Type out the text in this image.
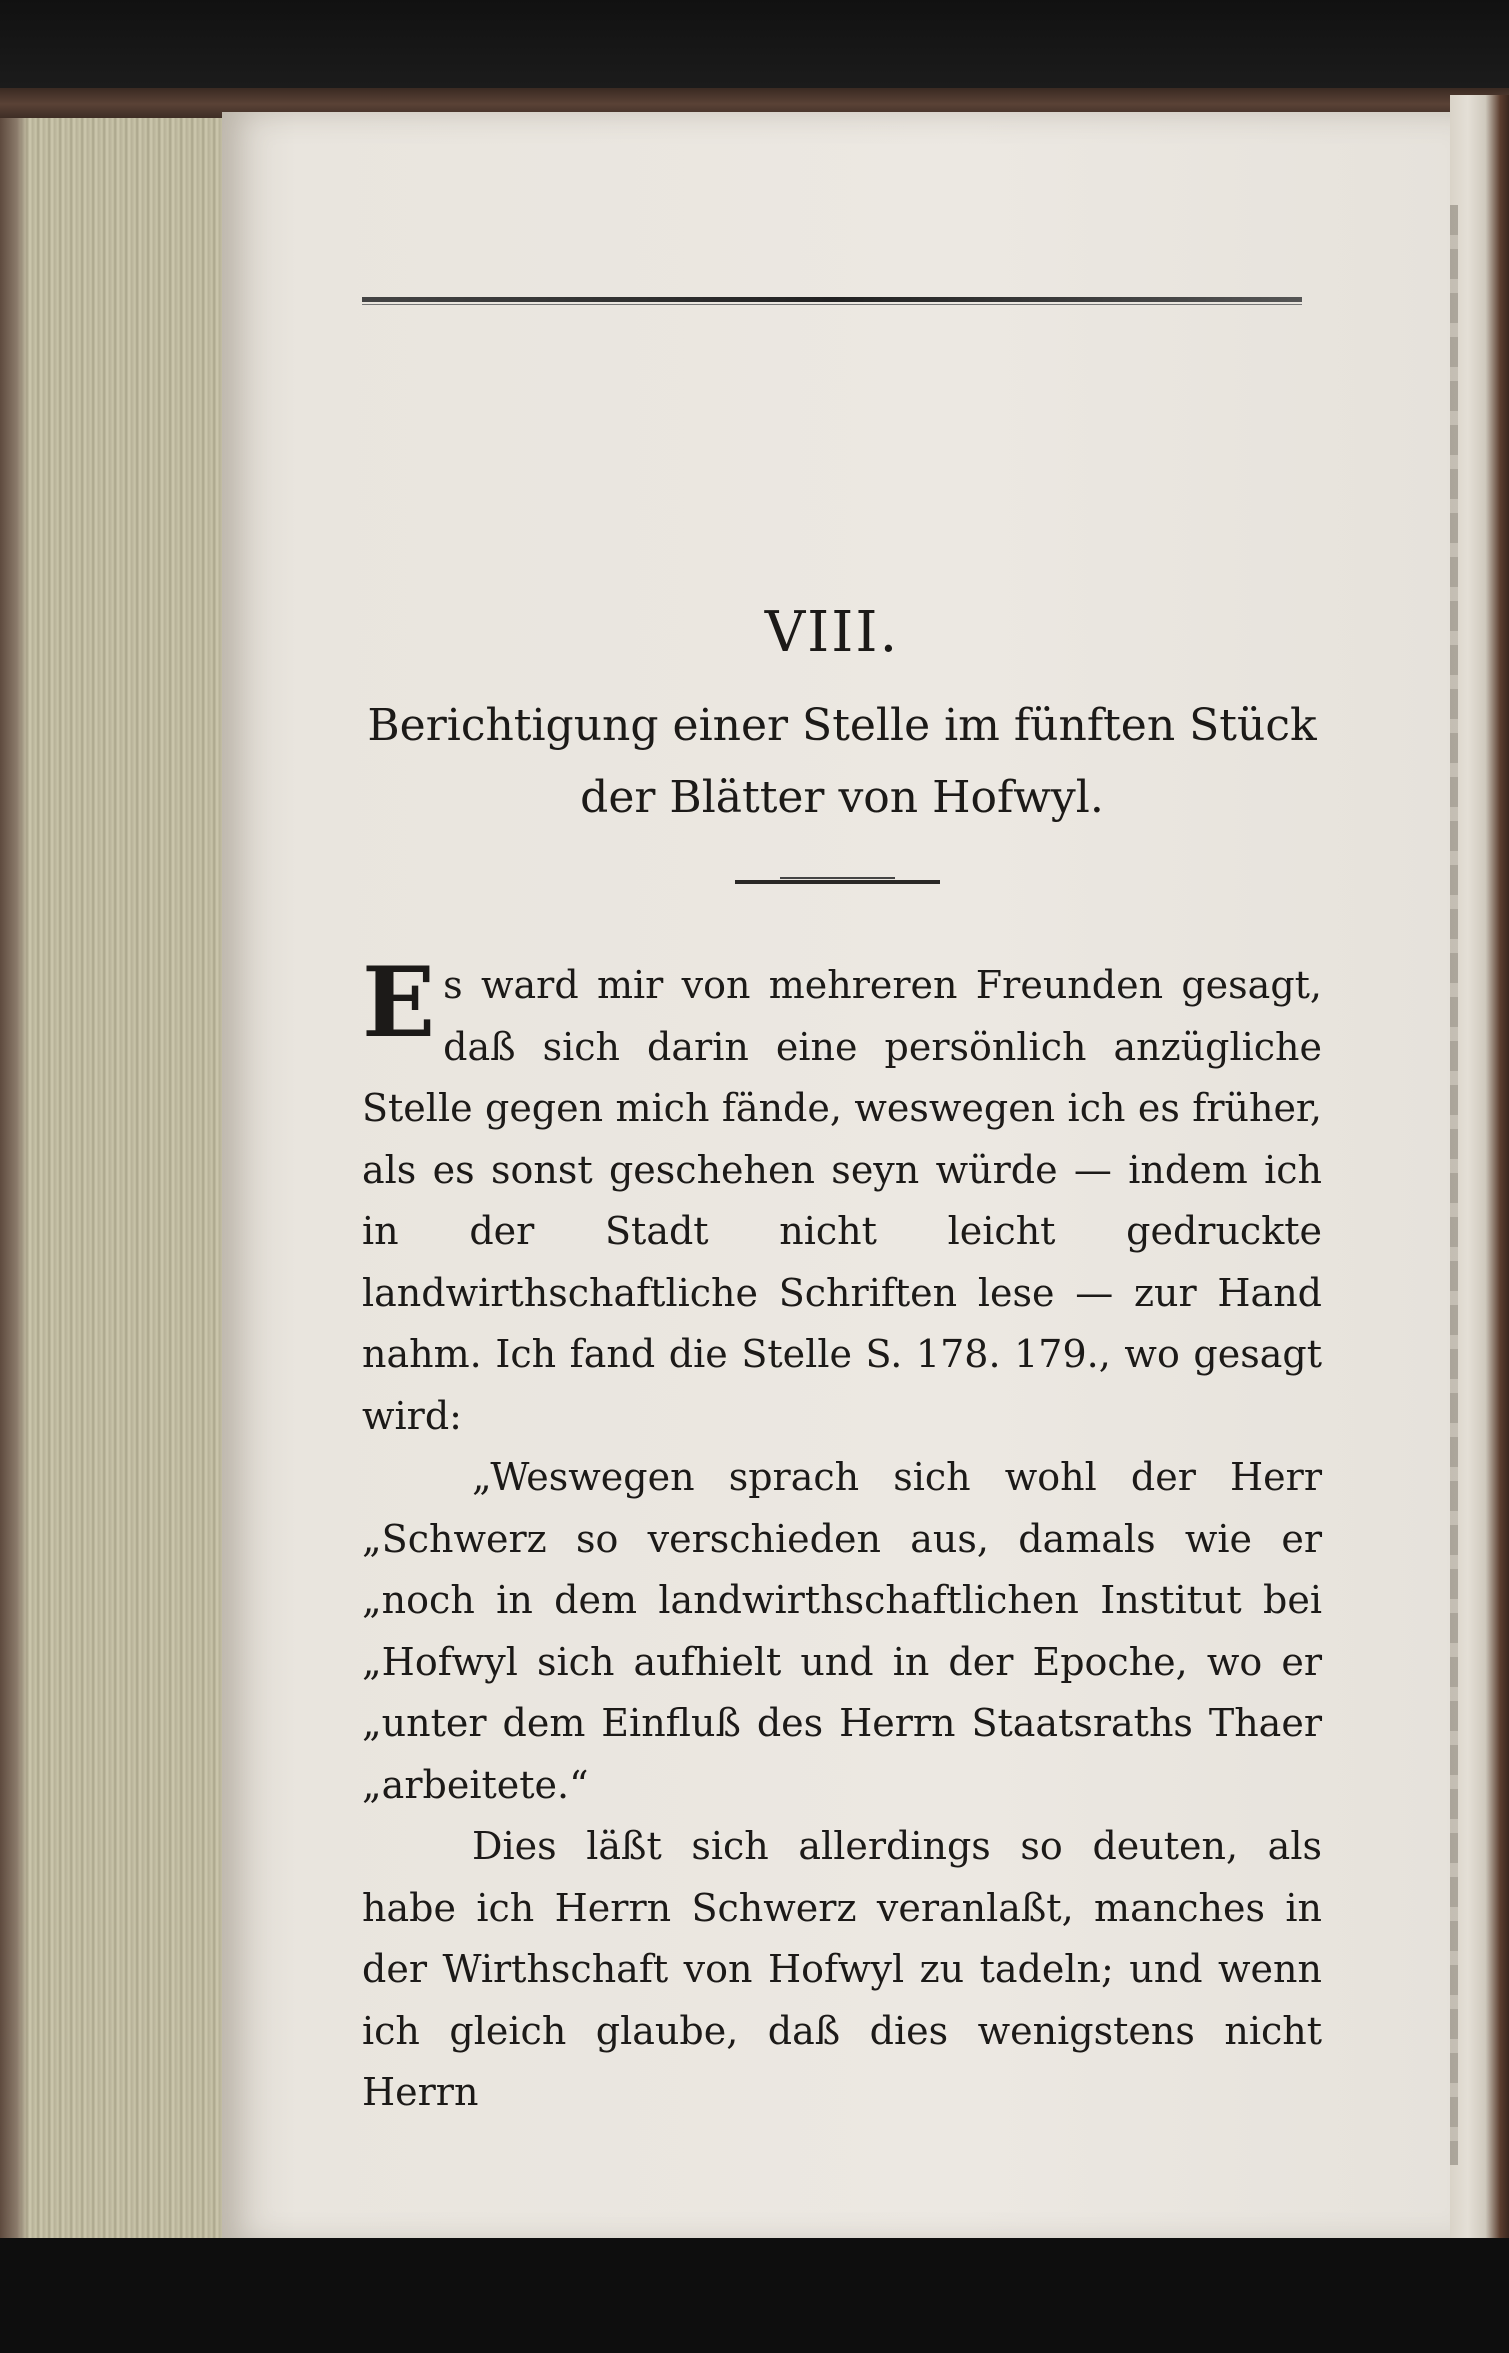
VIII.
Berichtigung einer Stelle im fünften Stück der Blätter von Hofwyl.

Es ward mir von mehreren Freunden gesagt, daß sich darin eine persönlich anzügliche Stelle gegen mich fände, weswegen ich es früher, als es sonst geschehen seyn würde — indem ich in der Stadt nicht leicht gedruckte landwirthschaftliche Schriften lese — zur Hand nahm. Ich fand die Stelle S. 178. 179., wo gesagt wird:

„Weswegen sprach sich wohl der Herr „Schwerz so verschieden aus, damals wie er „noch in dem landwirthschaftlichen Institut bei „Hofwyl sich aufhielt und in der Epoche, wo er „unter dem Einfluß des Herrn Staatsraths Thaer „arbeitete.“

Dies läßt sich allerdings so deuten, als habe ich Herrn Schwerz veranlaßt, manches in der Wirthschaft von Hofwyl zu tadeln; und wenn ich gleich glaube, daß dies wenigstens nicht Herrn
